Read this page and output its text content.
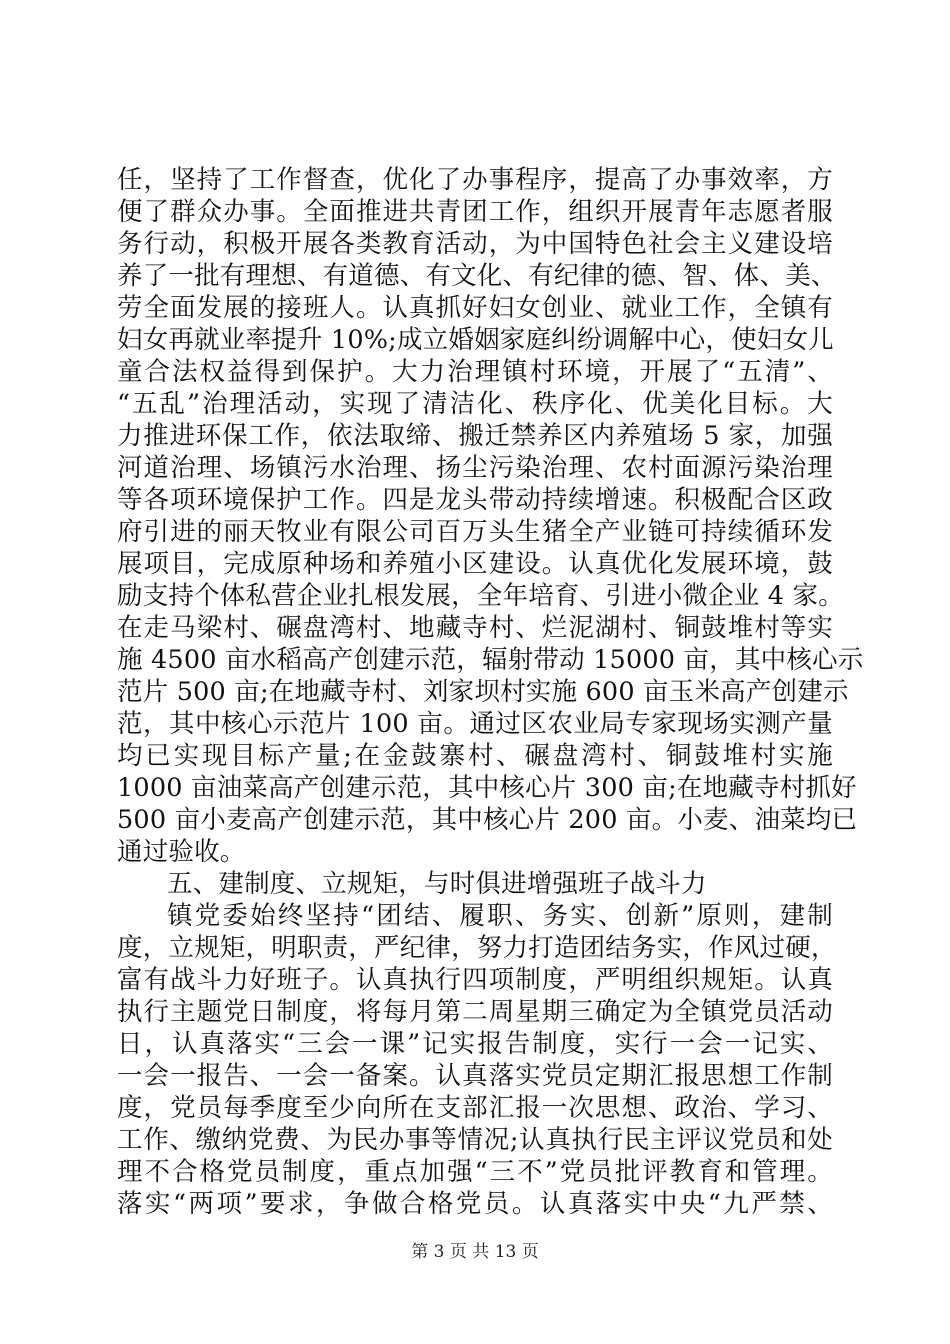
任，坚持了工作督查，优化了办事程序，提高了办事效率，方
便了群众办事。全面推进共青团工作，组织开展青年志愿者服
务行动，积极开展各类教育活动，为中国特色社会主义建设培
养了一批有理想、有道德、有文化、有纪律的德、智、体、美、
劳全面发展的接班人。认真抓好妇女创业、就业工作，全镇有
妇女再就业率提升 10%;成立婚姻家庭纠纷调解中心，使妇女儿
童合法权益得到保护。大力治理镇村环境，开展了“五清”、
“五乱”治理活动，实现了清洁化、秩序化、优美化目标。大
力推进环保工作，依法取缔、搬迁禁养区内养殖场 5 家，加强
河道治理、场镇污水治理、扬尘污染治理、农村面源污染治理
等各项环境保护工作。四是龙头带动持续增速。积极配合区政
府引进的丽天牧业有限公司百万头生猪全产业链可持续循环发
展项目，完成原种场和养殖小区建设。认真优化发展环境，鼓
励支持个体私营企业扎根发展，全年培育、引进小微企业 4 家。
在走马梁村、碾盘湾村、地藏寺村、烂泥湖村、铜鼓堆村等实
施 4500 亩水稻高产创建示范，辐射带动 15000 亩，其中核心示
范片 500 亩;在地藏寺村、刘家坝村实施 600 亩玉米高产创建示
范，其中核心示范片 100 亩。通过区农业局专家现场实测产量
均已实现目标产量;在金鼓寨村、碾盘湾村、铜鼓堆村实施
1000 亩油菜高产创建示范，其中核心片 300 亩;在地藏寺村抓好
500 亩小麦高产创建示范，其中核心片 200 亩。小麦、油菜均已
通过验收。
五、建制度、立规矩，与时俱进增强班子战斗力
镇党委始终坚持“团结、履职、务实、创新”原则，建制
度，立规矩，明职责，严纪律，努力打造团结务实，作风过硬，
富有战斗力好班子。认真执行四项制度，严明组织规矩。认真
执行主题党日制度，将每月第二周星期三确定为全镇党员活动
日，认真落实“三会一课”记实报告制度，实行一会一记实、
一会一报告、一会一备案。认真落实党员定期汇报思想工作制
度，党员每季度至少向所在支部汇报一次思想、政治、学习、
工作、缴纳党费、为民办事等情况;认真执行民主评议党员和处
理不合格党员制度，重点加强“三不”党员批评教育和管理。
落实“两项”要求，争做合格党员。认真落实中央“九严禁、
第 3 页 共 13 页
